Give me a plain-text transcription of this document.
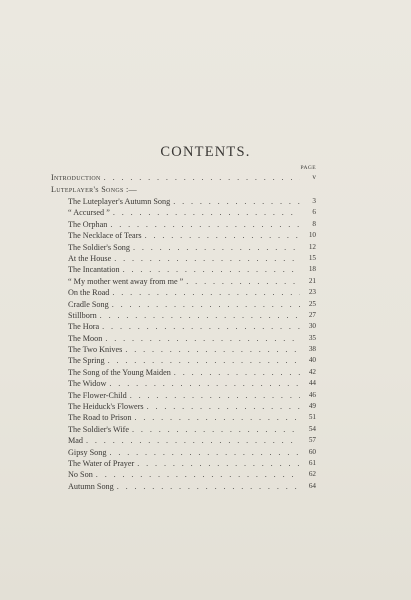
CONTENTS.
PAGE
Introduction . . .	v
Luteplayer's Songs :—
The Luteplayer's Autumn Song . . .	3
“ Accursed ” . . .	6
The Orphan . . .	8
The Necklace of Tears . . .	10
The Soldier's Song . . .	12
At the House . . .	15
The Incantation . . .	18
“ My mother went away from me ” . . .	21
On the Road . . .	23
Cradle Song . . .	25
Stillborn . . .	27
The Hora . . .	30
The Moon . . .	35
The Two Knives . . .	38
The Spring . . .	40
The Song of the Young Maiden . . .	42
The Widow . . .	44
The Flower-Child . . .	46
The Heiduck's Flowers . . .	49
The Road to Prison . . .	51
The Soldier's Wife . . .	54
Mad . . .	57
Gipsy Song . . .	60
The Water of Prayer . . .	61
No Son . . .	62
Autumn Song . . .	64
